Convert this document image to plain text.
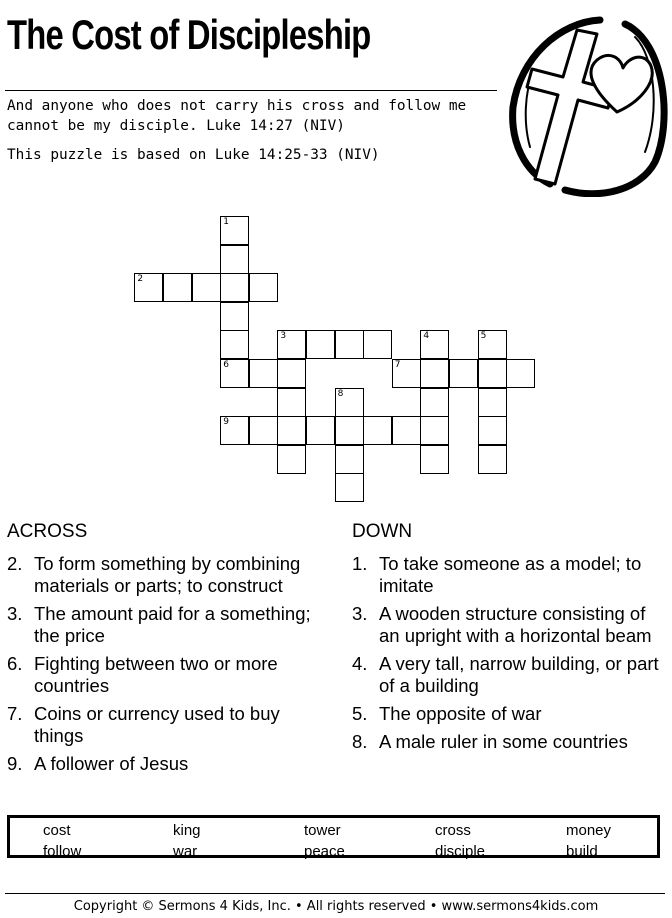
The Cost of Discipleship
And anyone who does not carry his cross and follow me
cannot be my disciple. Luke 14:27 (NIV)
This puzzle is based on Luke 14:25-33 (NIV)
1
2
3
6	7
4	5
8
9
ACROSS
2. To form something by combining materials or parts; to construct
3. The amount paid for a something; the price
6. Fighting between two or more countries
7. Coins or currency used to buy things
9. A follower of Jesus
DOWN
1. To take someone as a model; to imitate
3. A wooden structure consisting of an upright with a horizontal beam
4. A very tall, narrow building, or part of a building
5. The opposite of war
8. A male ruler in some countries
cost	king	tower	cross	money
follow	war	peace	disciple	build
Copyright © Sermons 4 Kids, Inc. • All rights reserved • www.sermons4kids.com
